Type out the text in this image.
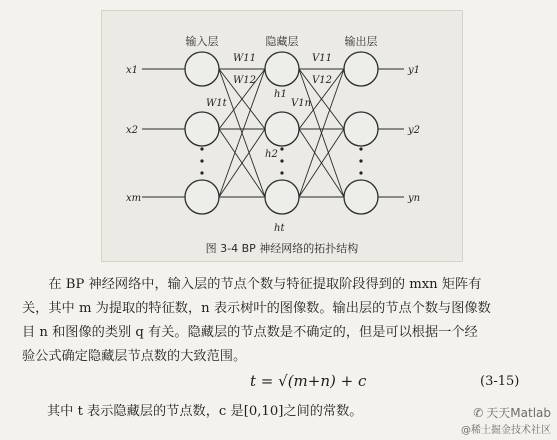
输入层	隐藏层	输出层
x1
x2
xm
y1
y2
yn
h1
h2
ht
W11
W12
W1t
V11
V12
V1n
图 3-4 BP 神经网络的拓扑结构

在 BP 神经网络中，输入层的节点个数与特征提取阶段得到的 mxn 矩阵有
关，其中 m 为提取的特征数，n 表示树叶的图像数。输出层的节点个数与图像数
目 n 和图像的类别 q 有关。隐藏层的节点数是不确定的，但是可以根据一个经
验公式确定隐藏层节点数的大致范围。

t = √(m+n) + c	(3-15)
其中 t 表示隐藏层的节点数，c 是[0,10]之间的常数。	✆ 天天Matlab
@稀土掘金技术社区
